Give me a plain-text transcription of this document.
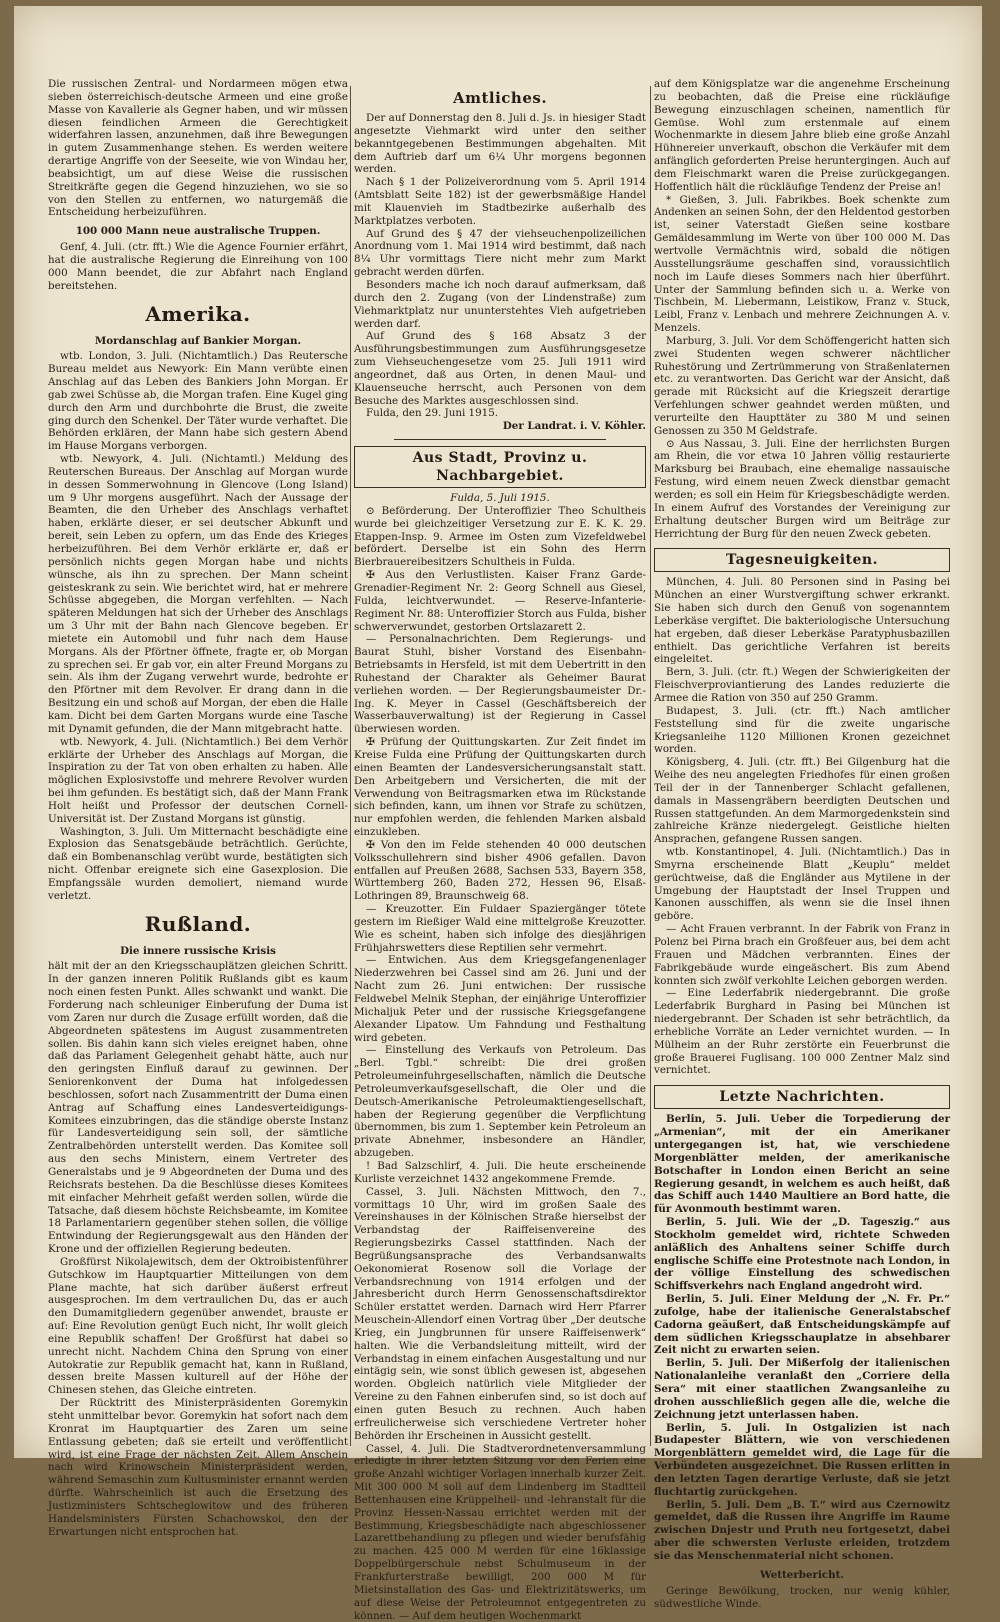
Die russischen Zentral- und Nordarmeen mögen etwa sieben österreichisch-deutsche Armeen und eine große Masse von Kavallerie als Gegner haben, und wir müssen diesen feindlichen Armeen die Gerechtigkeit widerfahren lassen, anzunehmen, daß ihre Bewegungen in gutem Zusammenhange stehen. Es werden weitere derartige Angriffe von der Seeseite, wie von Windau her, beabsichtigt, um auf diese Weise die russischen Streitkräfte gegen die Gegend hinzuziehen, wo sie so von den Stellen zu entfernen, wo naturgemäß die Entscheidung herbeizuführen.

100 000 Mann neue australische Truppen.

Genf, 4. Juli. (ctr. fft.) Wie die Agence Fournier erfährt, hat die australische Regierung die Einreihung von 100 000 Mann beendet, die zur Abfahrt nach England bereitstehen.

Amerika.
Mordanschlag auf Bankier Morgan.

wtb. London, 3. Juli. (Nichtamtlich.) Das Reutersche Bureau meldet aus Newyork: Ein Mann verübte einen Anschlag auf das Leben des Bankiers John Morgan. Er gab zwei Schüsse ab, die Morgan trafen. Eine Kugel ging durch den Arm und durchbohrte die Brust, die zweite ging durch den Schenkel. Der Täter wurde verhaftet. Die Behörden erklären, der Mann habe sich gestern Abend im Hause Morgans verborgen.

wtb. Newyork, 4. Juli. (Nichtamtl.) Meldung des Reuterschen Bureaus. Der Anschlag auf Morgan wurde in dessen Sommerwohnung in Glencove (Long Island) um 9 Uhr morgens ausgeführt. Nach der Aussage der Beamten, die den Urheber des Anschlags verhaftet haben, erklärte dieser, er sei deutscher Abkunft und bereit, sein Leben zu opfern, um das Ende des Krieges herbeizuführen. Bei dem Verhör erklärte er, daß er persönlich nichts gegen Morgan habe und nichts wünsche, als ihn zu sprechen. Der Mann scheint geisteskrank zu sein. Wie berichtet wird, hat er mehrere Schüsse abgegeben, die Morgan verfehlten. — Nach späteren Meldungen hat sich der Urheber des Anschlags um 3 Uhr mit der Bahn nach Glencove begeben. Er mietete ein Automobil und fuhr nach dem Hause Morgans. Als der Pförtner öffnete, fragte er, ob Morgan zu sprechen sei. Er gab vor, ein alter Freund Morgans zu sein. Als ihm der Zugang verwehrt wurde, bedrohte er den Pförtner mit dem Revolver. Er drang dann in die Besitzung ein und schoß auf Morgan, der eben die Halle kam. Dicht bei dem Garten Morgans wurde eine Tasche mit Dynamit gefunden, die der Mann mitgebracht hatte.

wtb. Newyork, 4. Juli. (Nichtamtlich.) Bei dem Verhör erklärte der Urheber des Anschlags auf Morgan, die Inspiration zu der Tat von oben erhalten zu haben. Alle möglichen Explosivstoffe und mehrere Revolver wurden bei ihm gefunden. Es bestätigt sich, daß der Mann Frank Holt heißt und Professor der deutschen Cornell-Universität ist. Der Zustand Morgans ist günstig.

Washington, 3. Juli. Um Mitternacht beschädigte eine Explosion das Senatsgebäude beträchtlich. Gerüchte, daß ein Bombenanschlag verübt wurde, bestätigten sich nicht. Offenbar ereignete sich eine Gasexplosion. Die Empfangssäle wurden demoliert, niemand wurde verletzt.

Rußland.
Die innere russische Krisis

hält mit der an den Kriegsschauplätzen gleichen Schritt. In der ganzen inneren Politik Rußlands gibt es kaum noch einen festen Punkt. Alles schwankt und wankt. Die Forderung nach schleuniger Einberufung der Duma ist vom Zaren nur durch die Zusage erfüllt worden, daß die Abgeordneten spätestens im August zusammentreten sollen. Bis dahin kann sich vieles ereignet haben, ohne daß das Parlament Gelegenheit gehabt hätte, auch nur den geringsten Einfluß darauf zu gewinnen. Der Seniorenkonvent der Duma hat infolgedessen beschlossen, sofort nach Zusammentritt der Duma einen Antrag auf Schaffung eines Landesverteidigungs-Komitees einzubringen, das die ständige oberste Instanz für Landesverteidigung sein soll, der sämtliche Zentralbehörden unterstellt werden. Das Komitee soll aus den sechs Ministern, einem Vertreter des Generalstabs und je 9 Abgeordneten der Duma und des Reichsrats bestehen. Da die Beschlüsse dieses Komitees mit einfacher Mehrheit gefaßt werden sollen, würde die Tatsache, daß diesem höchste Reichsbeamte, im Komitee 18 Parlamentariern gegenüber stehen sollen, die völlige Entwindung der Regierungsgewalt aus den Händen der Krone und der offiziellen Regierung bedeuten.

Großfürst Nikolajewitsch, dem der Oktroibistenführer Gutschkow im Hauptquartier Mitteilungen von dem Plane machte, hat sich darüber äußerst erfreut ausgesprochen. Im dem vertraulichen Du, das er auch den Dumamitgliedern gegenüber anwendet, brauste er auf: Eine Revolution genügt Euch nicht, Ihr wollt gleich eine Republik schaffen! Der Großfürst hat dabei so unrecht nicht. Nachdem China den Sprung von einer Autokratie zur Republik gemacht hat, kann in Rußland, dessen breite Massen kulturell auf der Höhe der Chinesen stehen, das Gleiche eintreten.

Der Rücktritt des Ministerpräsidenten Goremykin steht unmittelbar bevor. Goremykin hat sofort nach dem Kronrat im Hauptquartier des Zaren um seine Entlassung gebeten; daß sie erteilt und veröffentlicht wird, ist eine Frage der nächsten Zeit. Allem Anschein nach wird Krinowschein Ministerpräsident werden, während Semaschin zum Kultusminister ernannt werden dürfte. Wahrscheinlich ist auch die Ersetzung des Justizministers Schtscheglowitow und des früheren Handelsministers Fürsten Schachowskoi, den der Erwartungen nicht entsprochen hat.

Amtliches.

Der auf Donnerstag den 8. Juli d. Js. in hiesiger Stadt angesetzte Viehmarkt wird unter den seither bekanntgegebenen Bestimmungen abgehalten. Mit dem Auftrieb darf um 6¼ Uhr morgens begonnen werden.

Nach § 1 der Polizeiverordnung vom 5. April 1914 (Amtsblatt Seite 182) ist der gewerbsmäßige Handel mit Klauenvieh im Stadtbezirke außerhalb des Marktplatzes verboten.

Auf Grund des § 47 der viehseuchenpolizeilichen Anordnung vom 1. Mai 1914 wird bestimmt, daß nach 8¼ Uhr vormittags Tiere nicht mehr zum Markt gebracht werden dürfen.

Besonders mache ich noch darauf aufmerksam, daß durch den 2. Zugang (von der Lindenstraße) zum Viehmarktplatz nur ununterstehtes Vieh aufgetrieben werden darf.

Auf Grund des § 168 Absatz 3 der Ausführungsbestimmungen zum Ausführungsgesetze zum Viehseuchengesetze vom 25. Juli 1911 wird angeordnet, daß aus Orten, in denen Maul- und Klauenseuche herrscht, auch Personen von dem Besuche des Marktes ausgeschlossen sind.

Fulda, den 29. Juni 1915.

Der Landrat. i. V. Köhler.

Aus Stadt, Provinz u. Nachbargebiet.

Fulda, 5. Juli 1915.

⊙ Beförderung. Der Unteroffizier Theo Schultheis wurde bei gleichzeitiger Versetzung zur E. K. K. 29. Etappen-Insp. 9. Armee im Osten zum Vizefeldwebel befördert. Derselbe ist ein Sohn des Herrn Bierbrauereibesitzers Schultheis in Fulda.

✠ Aus den Verlustlisten. Kaiser Franz Garde-Grenadier-Regiment Nr. 2: Georg Schnell aus Giesel, Fulda, leichtverwundet. — Reserve-Infanterie-Regiment Nr. 88: Unteroffizier Storch aus Fulda, bisher schwerverwundet, gestorben Ortslazarett 2.

— Personalnachrichten. Dem Regierungs- und Baurat Stuhl, bisher Vorstand des Eisenbahn-Betriebsamts in Hersfeld, ist mit dem Uebertritt in den Ruhestand der Charakter als Geheimer Baurat verliehen worden. — Der Regierungsbaumeister Dr.-Ing. K. Meyer in Cassel (Geschäftsbereich der Wasserbauverwaltung) ist der Regierung in Cassel überwiesen worden.

✠ Prüfung der Quittungskarten. Zur Zeit findet im Kreise Fulda eine Prüfung der Quittungskarten durch einen Beamten der Landesversicherungsanstalt statt. Den Arbeitgebern und Versicherten, die mit der Verwendung von Beitragsmarken etwa im Rückstande sich befinden, kann, um ihnen vor Strafe zu schützen, nur empfohlen werden, die fehlenden Marken alsbald einzukleben.

✠ Von den im Felde stehenden 40 000 deutschen Volksschullehrern sind bisher 4906 gefallen. Davon entfallen auf Preußen 2688, Sachsen 533, Bayern 358, Württemberg 260, Baden 272, Hessen 96, Elsaß-Lothringen 89, Braunschweig 68.

— Kreuzotter. Ein Fuldaer Spaziergänger tötete gestern im Rießiger Wald eine mittelgroße Kreuzotter. Wie es scheint, haben sich infolge des diesjährigen Frühjahrswetters diese Reptilien sehr vermehrt.

— Entwichen. Aus dem Kriegsgefangenenlager Niederzwehren bei Cassel sind am 26. Juni und der Nacht zum 26. Juni entwichen: Der russische Feldwebel Melnik Stephan, der einjährige Unteroffizier Michaljuk Peter und der russische Kriegsgefangene Alexander Lipatow. Um Fahndung und Festhaltung wird gebeten.

— Einstellung des Verkaufs von Petroleum. Das „Berl. Tgbl.“ schreibt: Die drei großen Petroleumeinfuhrgesellschaften, nämlich die Deutsche Petroleumverkaufsgesellschaft, die Oler und die Deutsch-Amerikanische Petroleumaktiengesellschaft, haben der Regierung gegenüber die Verpflichtung übernommen, bis zum 1. September kein Petroleum an private Abnehmer, insbesondere an Händler, abzugeben.

! Bad Salzschlirf, 4. Juli. Die heute erscheinende Kurliste verzeichnet 1432 angekommene Fremde.

Cassel, 3. Juli. Nächsten Mittwoch, den 7., vormittags 10 Uhr, wird im großen Saale des Vereinshauses in der Kölnischen Straße hierselbst der Verbandstag der Raiffeisenvereine des Regierungsbezirks Cassel stattfinden. Nach der Begrüßungsansprache des Verbandsanwalts Oekonomierat Rosenow soll die Vorlage der Verbandsrechnung von 1914 erfolgen und der Jahresbericht durch Herrn Genossenschaftsdirektor Schüler erstattet werden. Darnach wird Herr Pfarrer Meuschein-Allendorf einen Vortrag über „Der deutsche Krieg, ein Jungbrunnen für unsere Raiffeisenwerk“ halten. Wie die Verbandsleitung mitteilt, wird der Verbandstag in einem einfachen Ausgestaltung und nur eintägig sein, wie sonst üblich gewesen ist, abgesehen worden. Obgleich natürlich viele Mitglieder der Vereine zu den Fahnen einberufen sind, so ist doch auf einen guten Besuch zu rechnen. Auch haben erfreulicherweise sich verschiedene Vertreter hoher Behörden ihr Erscheinen in Aussicht gestellt.

Cassel, 4. Juli. Die Stadtverordnetenversammlung erledigte in ihrer letzten Sitzung vor den Ferien eine große Anzahl wichtiger Vorlagen innerhalb kurzer Zeit. Mit 300 000 M soll auf dem Lindenberg im Stadtteil Bettenhausen eine Krüppelheil- und -lehranstalt für die Provinz Hessen-Nassau errichtet werden mit der Bestimmung, Kriegsbeschädigte nach abgeschlossener Lazarettbehandlung zu pflegen und wieder berufsfähig zu machen. 425 000 M werden für eine 16klassige Doppelbürgerschule nebst Schulmuseum in der Frankfurterstraße bewilligt, 200 000 M für Mietsinstallation des Gas- und Elektrizitätswerks, um auf diese Weise der Petroleumnot entgegentreten zu können. — Auf dem heutigen Wochenmarkt

auf dem Königsplatze war die angenehme Erscheinung zu beobachten, daß die Preise eine rückläufige Bewegung einzuschlagen scheinen, namentlich für Gemüse. Wohl zum erstenmale auf einem Wochenmarkte in diesem Jahre blieb eine große Anzahl Hühnereier unverkauft, obschon die Verkäufer mit dem anfänglich geforderten Preise heruntergingen. Auch auf dem Fleischmarkt waren die Preise zurückgegangen. Hoffentlich hält die rückläufige Tendenz der Preise an!

* Gießen, 3. Juli. Fabrikbes. Boek schenkte zum Andenken an seinen Sohn, der den Heldentod gestorben ist, seiner Vaterstadt Gießen seine kostbare Gemäldesammlung im Werte von über 100 000 M. Das wertvolle Vermächtnis wird, sobald die nötigen Ausstellungsräume geschaffen sind, voraussichtlich noch im Laufe dieses Sommers nach hier überführt. Unter der Sammlung befinden sich u. a. Werke von Tischbein, M. Liebermann, Leistikow, Franz v. Stuck, Leibl, Franz v. Lenbach und mehrere Zeichnungen A. v. Menzels.

Marburg, 3. Juli. Vor dem Schöffengericht hatten sich zwei Studenten wegen schwerer nächtlicher Ruhestörung und Zertrümmerung von Straßenlaternen etc. zu verantworten. Das Gericht war der Ansicht, daß gerade mit Rücksicht auf die Kriegszeit derartige Verfehlungen schwer geahndet werden müßten, und verurteilte den Haupttäter zu 380 M und seinen Genossen zu 350 M Geldstrafe.

⊙ Aus Nassau, 3. Juli. Eine der herrlichsten Burgen am Rhein, die vor etwa 10 Jahren völlig restaurierte Marksburg bei Braubach, eine ehemalige nassauische Festung, wird einem neuen Zweck dienstbar gemacht werden; es soll ein Heim für Kriegsbeschädigte werden. In einem Aufruf des Vorstandes der Vereinigung zur Erhaltung deutscher Burgen wird um Beiträge zur Herrichtung der Burg für den neuen Zweck gebeten.

Tagesneuigkeiten.

München, 4. Juli. 80 Personen sind in Pasing bei München an einer Wurstvergiftung schwer erkrankt. Sie haben sich durch den Genuß von sogenanntem Leberkäse vergiftet. Die bakteriologische Untersuchung hat ergeben, daß dieser Leberkäse Paratyphusbazillen enthielt. Das gerichtliche Verfahren ist bereits eingeleitet.

Bern, 3. Juli. (ctr. ft.) Wegen der Schwierigkeiten der Fleischverproviantierung des Landes reduzierte die Armee die Ration von 350 auf 250 Gramm.

Budapest, 3. Juli. (ctr. fft.) Nach amtlicher Feststellung sind für die zweite ungarische Kriegsanleihe 1120 Millionen Kronen gezeichnet worden.

Königsberg, 4. Juli. (ctr. fft.) Bei Gilgenburg hat die Weihe des neu angelegten Friedhofes für einen großen Teil der in der Tannenberger Schlacht gefallenen, damals in Massengräbern beerdigten Deutschen und Russen stattgefunden. An dem Marmorgedenkstein sind zahlreiche Kränze niedergelegt. Geistliche hielten Ansprachen, gefangene Russen sangen.

wtb. Konstantinopel, 4. Juli. (Nichtamtlich.) Das in Smyrna erscheinende Blatt „Keuplu“ meldet gerüchtweise, daß die Engländer aus Mytilene in der Umgebung der Hauptstadt der Insel Truppen und Kanonen ausschiffen, als wenn sie die Insel ihnen geböre.

— Acht Frauen verbrannt. In der Fabrik von Franz in Polenz bei Pirna brach ein Großfeuer aus, bei dem acht Frauen und Mädchen verbrannten. Eines der Fabrikgebäude wurde eingeäschert. Bis zum Abend konnten sich zwölf verkohlte Leichen geborgen werden.

— Eine Lederfabrik niedergebrannt. Die große Lederfabrik Burghard in Pasing bei München ist niedergebrannt. Der Schaden ist sehr beträchtlich, da erhebliche Vorräte an Leder vernichtet wurden. — In Mülheim an der Ruhr zerstörte ein Feuerbrunst die große Brauerei Fuglisang. 100 000 Zentner Malz sind vernichtet.

Letzte Nachrichten.

Berlin, 5. Juli. Ueber die Torpedierung der „Armenian“, mit der ein Amerikaner untergegangen ist, hat, wie verschiedene Morgenblätter melden, der amerikanische Botschafter in London einen Bericht an seine Regierung gesandt, in welchem es auch heißt, daß das Schiff auch 1440 Maultiere an Bord hatte, die für Avonmouth bestimmt waren.

Berlin, 5. Juli. Wie der „D. Tageszig.“ aus Stockholm gemeldet wird, richtete Schweden anläßlich des Anhaltens seiner Schiffe durch englische Schiffe eine Protestnote nach London, in der völlige Einstellung des schwedischen Schiffsverkehrs nach England angedroht wird.

Berlin, 5. Juli. Einer Meldung der „N. Fr. Pr.“ zufolge, habe der italienische Generalstabschef Cadorna geäußert, daß Entscheidungskämpfe auf dem südlichen Kriegsschauplatze in absehbarer Zeit nicht zu erwarten seien.

Berlin, 5. Juli. Der Mißerfolg der italienischen Nationalanleihe veranlaßt den „Corriere della Sera“ mit einer staatlichen Zwangsanleihe zu drohen ausschließlich gegen alle die, welche die Zeichnung jetzt unterlassen haben.

Berlin, 5. Juli. In Ostgalizien ist nach Budapester Blättern, wie von verschiedenen Morgenblättern gemeldet wird, die Lage für die Verbündeten ausgezeichnet. Die Russen erlitten in den letzten Tagen derartige Verluste, daß sie jetzt fluchtartig zurückgehen.

Berlin, 5. Juli. Dem „B. T.“ wird aus Czernowitz gemeldet, daß die Russen ihre Angriffe im Raume zwischen Dnjestr und Pruth neu fortgesetzt, dabei aber die schwersten Verluste erleiden, trotzdem sie das Menschenmaterial nicht schonen.

Wetterbericht.

Geringe Bewölkung, trocken, nur wenig kühler, südwestliche Winde.
